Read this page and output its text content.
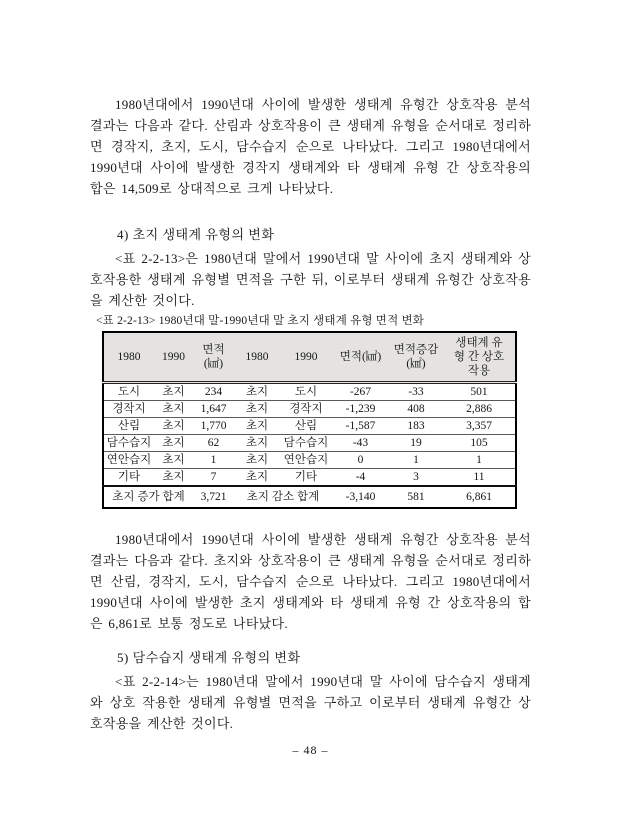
1980년대에서 1990년대 사이에 발생한 생태계 유형간 상호작용 분석 결과는 다음과 같다. 산림과 상호작용이 큰 생태계 유형을 순서대로 정리하면 경작지, 초지, 도시, 담수습지 순으로 나타났다. 그리고 1980년대에서 1990년대 사이에 발생한 경작지 생태계와 타 생태계 유형 간 상호작용의 합은 14,509로 상대적으로 크게 나타났다.

4) 초지 생태계 유형의 변화

<표 2-2-13>은 1980년대 말에서 1990년대 말 사이에 초지 생태계와 상호작용한 생태계 유형별 면적을 구한 뒤, 이로부터 생태계 유형간 상호작용을 계산한 것이다.

<표 2-2-13> 1980년대 말-1990년대 말 초지 생태계 유형 면적 변화
1980	1990	면적(㎢)	1980	1990	면적(㎢)	면적증감(㎢)	생태계 유형 간 상호작용
도시	초지	234	초지	도시	-267	-33	501
경작지	초지	1,647	초지	경작지	-1,239	408	2,886
산림	초지	1,770	초지	산림	-1,587	183	3,357
담수습지	초지	62	초지	담수습지	-43	19	105
연안습지	초지	1	초지	연안습지	0	1	1
기타	초지	7	초지	기타	-4	3	11
초지 증가 합계		3,721	초지 감소 합계		-3,140	581	6,861

1980년대에서 1990년대 사이에 발생한 생태계 유형간 상호작용 분석 결과는 다음과 같다. 초지와 상호작용이 큰 생태계 유형을 순서대로 정리하면 산림, 경작지, 도시, 담수습지 순으로 나타났다. 그리고 1980년대에서 1990년대 사이에 발생한 초지 생태계와 타 생태계 유형 간 상호작용의 합은 6,861로 보통 정도로 나타났다.

5) 담수습지 생태계 유형의 변화

<표 2-2-14>는 1980년대 말에서 1990년대 말 사이에 담수습지 생태계와 상호 작용한 생태계 유형별 면적을 구하고 이로부터 생태계 유형간 상호작용을 계산한 것이다.

– 48 –
